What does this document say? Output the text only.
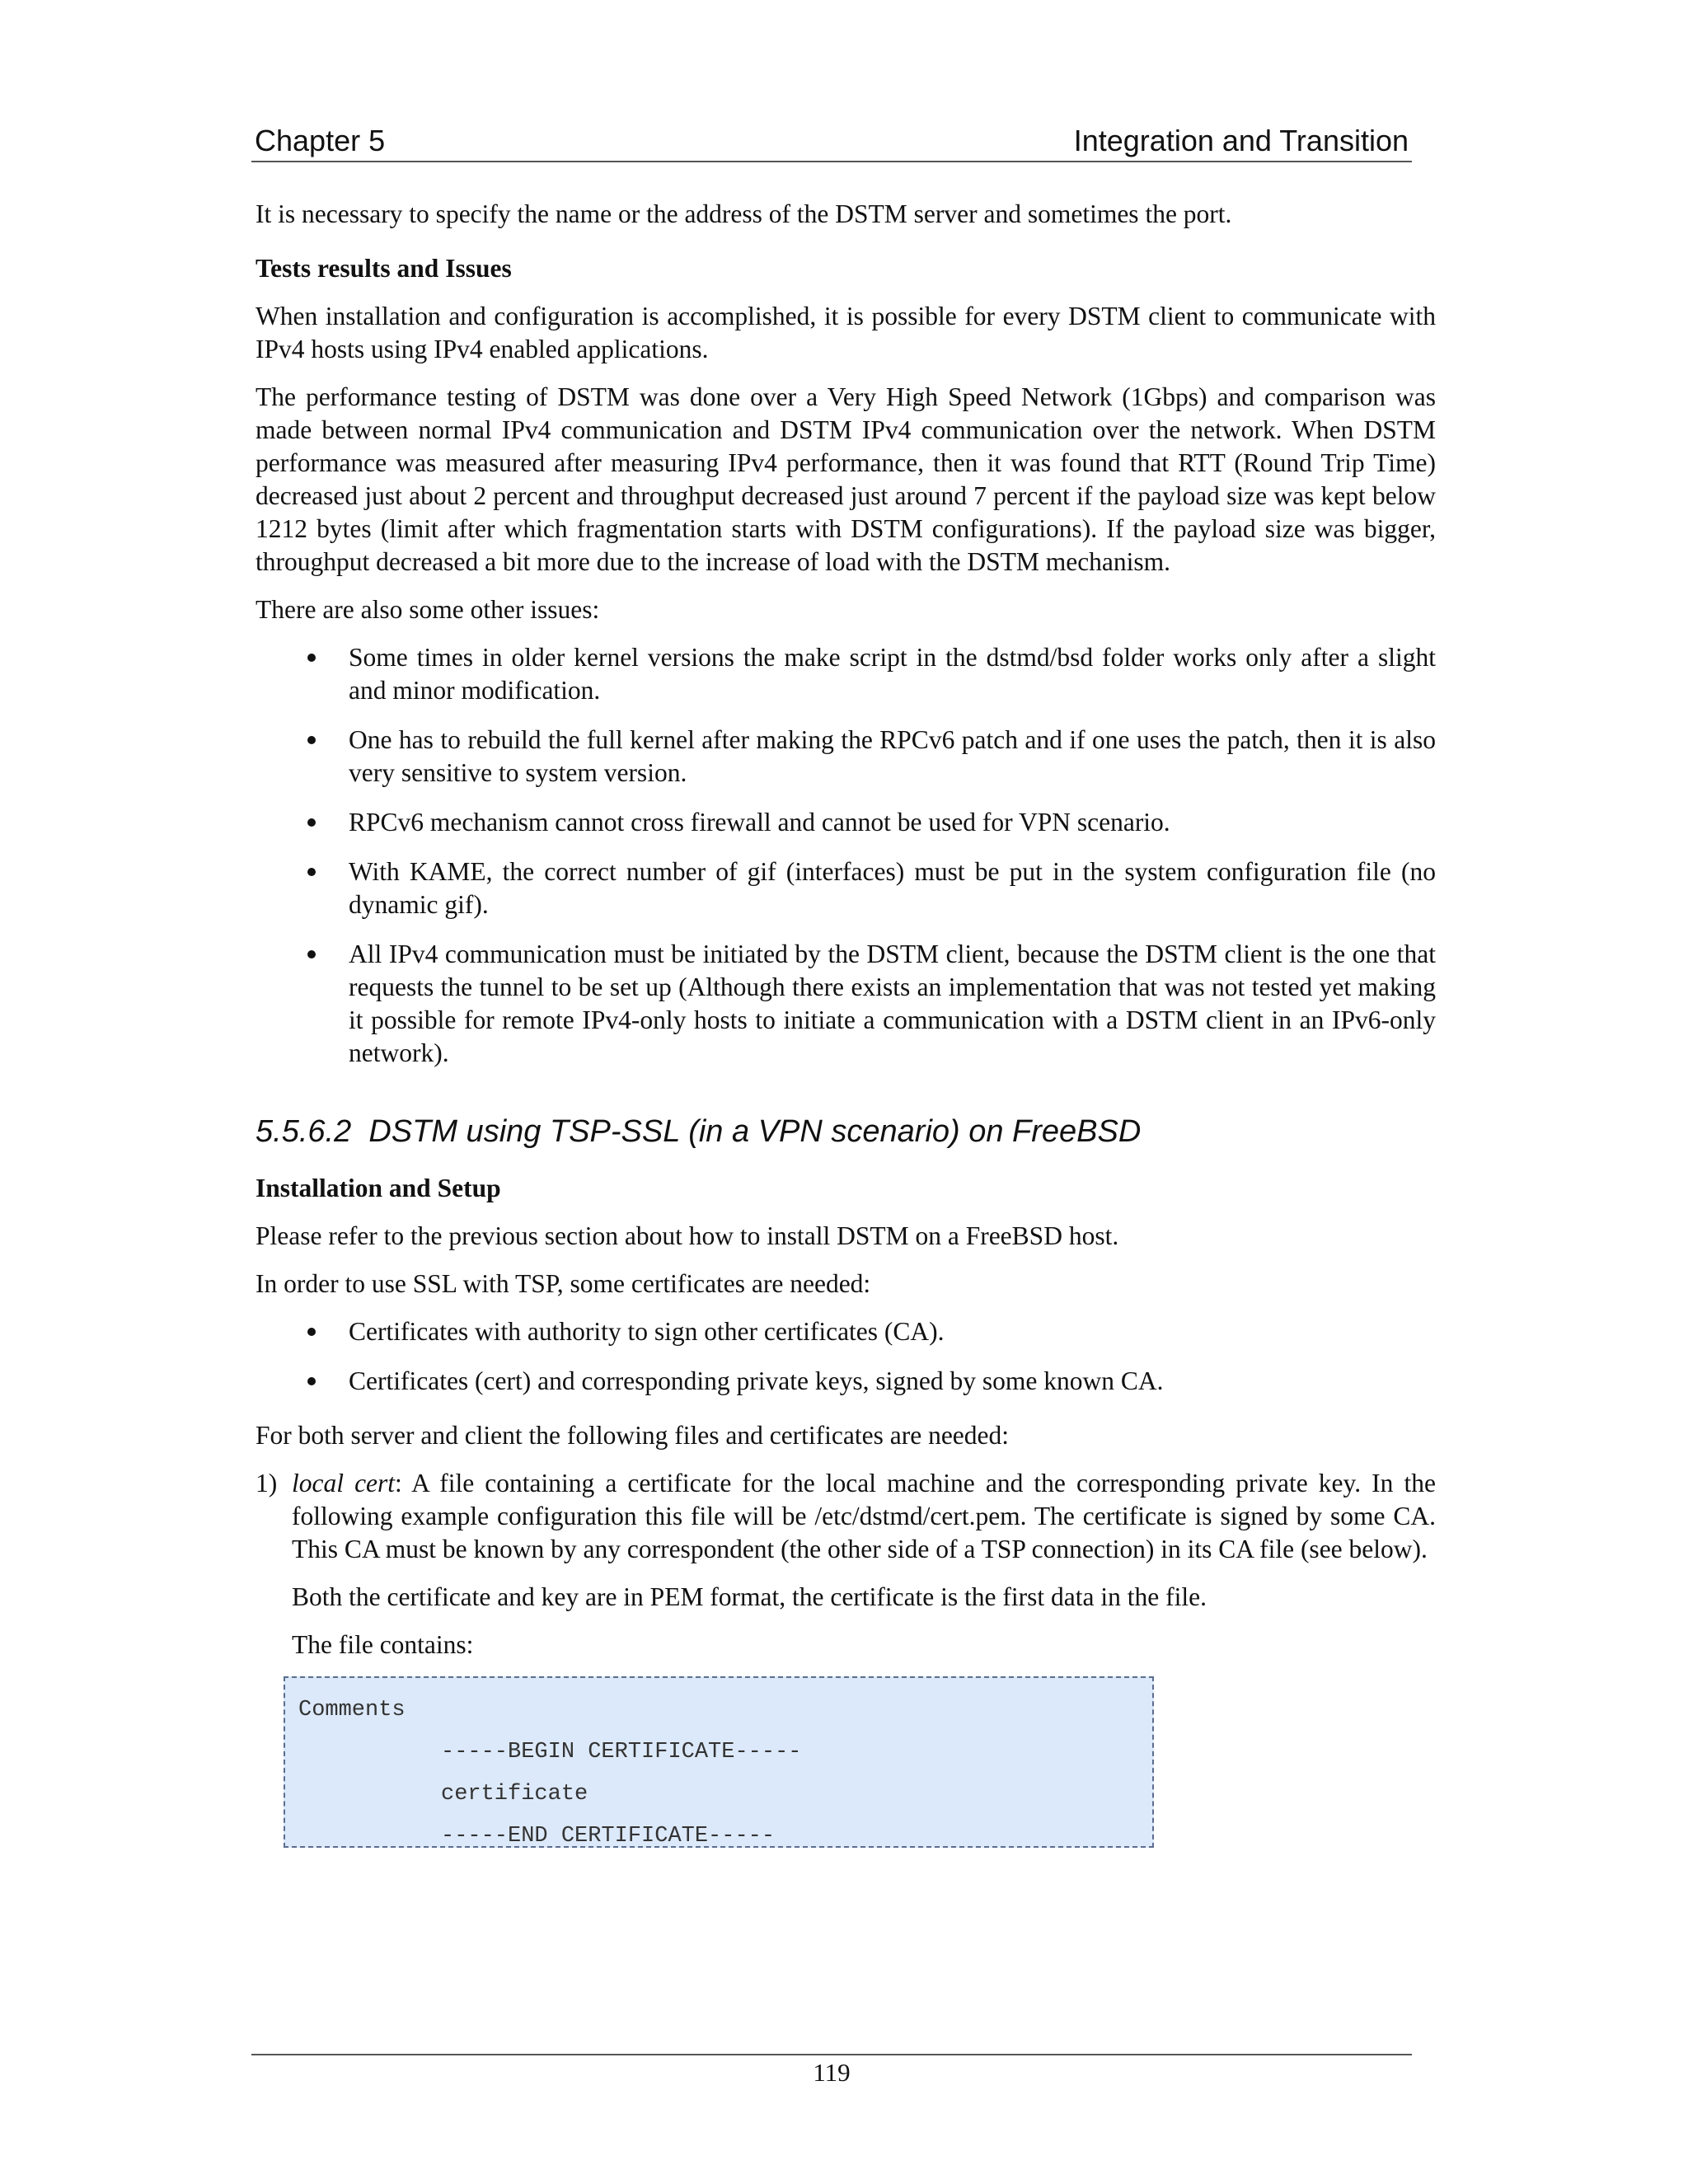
Chapter 5	Integration and Transition

It is necessary to specify the name or the address of the DSTM server and sometimes the port.

Tests results and Issues

When installation and configuration is accomplished, it is possible for every DSTM client to communicate with IPv4 hosts using IPv4 enabled applications.

The performance testing of DSTM was done over a Very High Speed Network (1Gbps) and comparison was made between normal IPv4 communication and DSTM IPv4 communication over the network. When DSTM performance was measured after measuring IPv4 performance, then it was found that RTT (Round Trip Time) decreased just about 2 percent and throughput decreased just around 7 percent if the payload size was kept below 1212 bytes (limit after which fragmentation starts with DSTM configurations). If the payload size was bigger, throughput decreased a bit more due to the increase of load with the DSTM mechanism.

There are also some other issues:

Some times in older kernel versions the make script in the dstmd/bsd folder works only after a slight and minor modification.
One has to rebuild the full kernel after making the RPCv6 patch and if one uses the patch, then it is also very sensitive to system version.
RPCv6 mechanism cannot cross firewall and cannot be used for VPN scenario.
With KAME, the correct number of gif (interfaces) must be put in the system configuration file (no dynamic gif).
All IPv4 communication must be initiated by the DSTM client, because the DSTM client is the one that requests the tunnel to be set up (Although there exists an implementation that was not tested yet making it possible for remote IPv4-only hosts to initiate a communication with a DSTM client in an IPv6-only network).
5.5.6.2 DSTM using TSP-SSL (in a VPN scenario) on FreeBSD
Installation and Setup

Please refer to the previous section about how to install DSTM on a FreeBSD host.

In order to use SSL with TSP, some certificates are needed:

Certificates with authority to sign other certificates (CA).
Certificates (cert) and corresponding private keys, signed by some known CA.

For both server and client the following files and certificates are needed:

1) local cert: A file containing a certificate for the local machine and the corresponding private key. In the following example configuration this file will be /etc/dstmd/cert.pem. The certificate is signed by some CA. This CA must be known by any correspondent (the other side of a TSP connection) in its CA file (see below).

Both the certificate and key are in PEM format, the certificate is the first data in the file.

The file contains:

Comments
-----BEGIN CERTIFICATE-----
certificate
-----END CERTIFICATE-----
119
